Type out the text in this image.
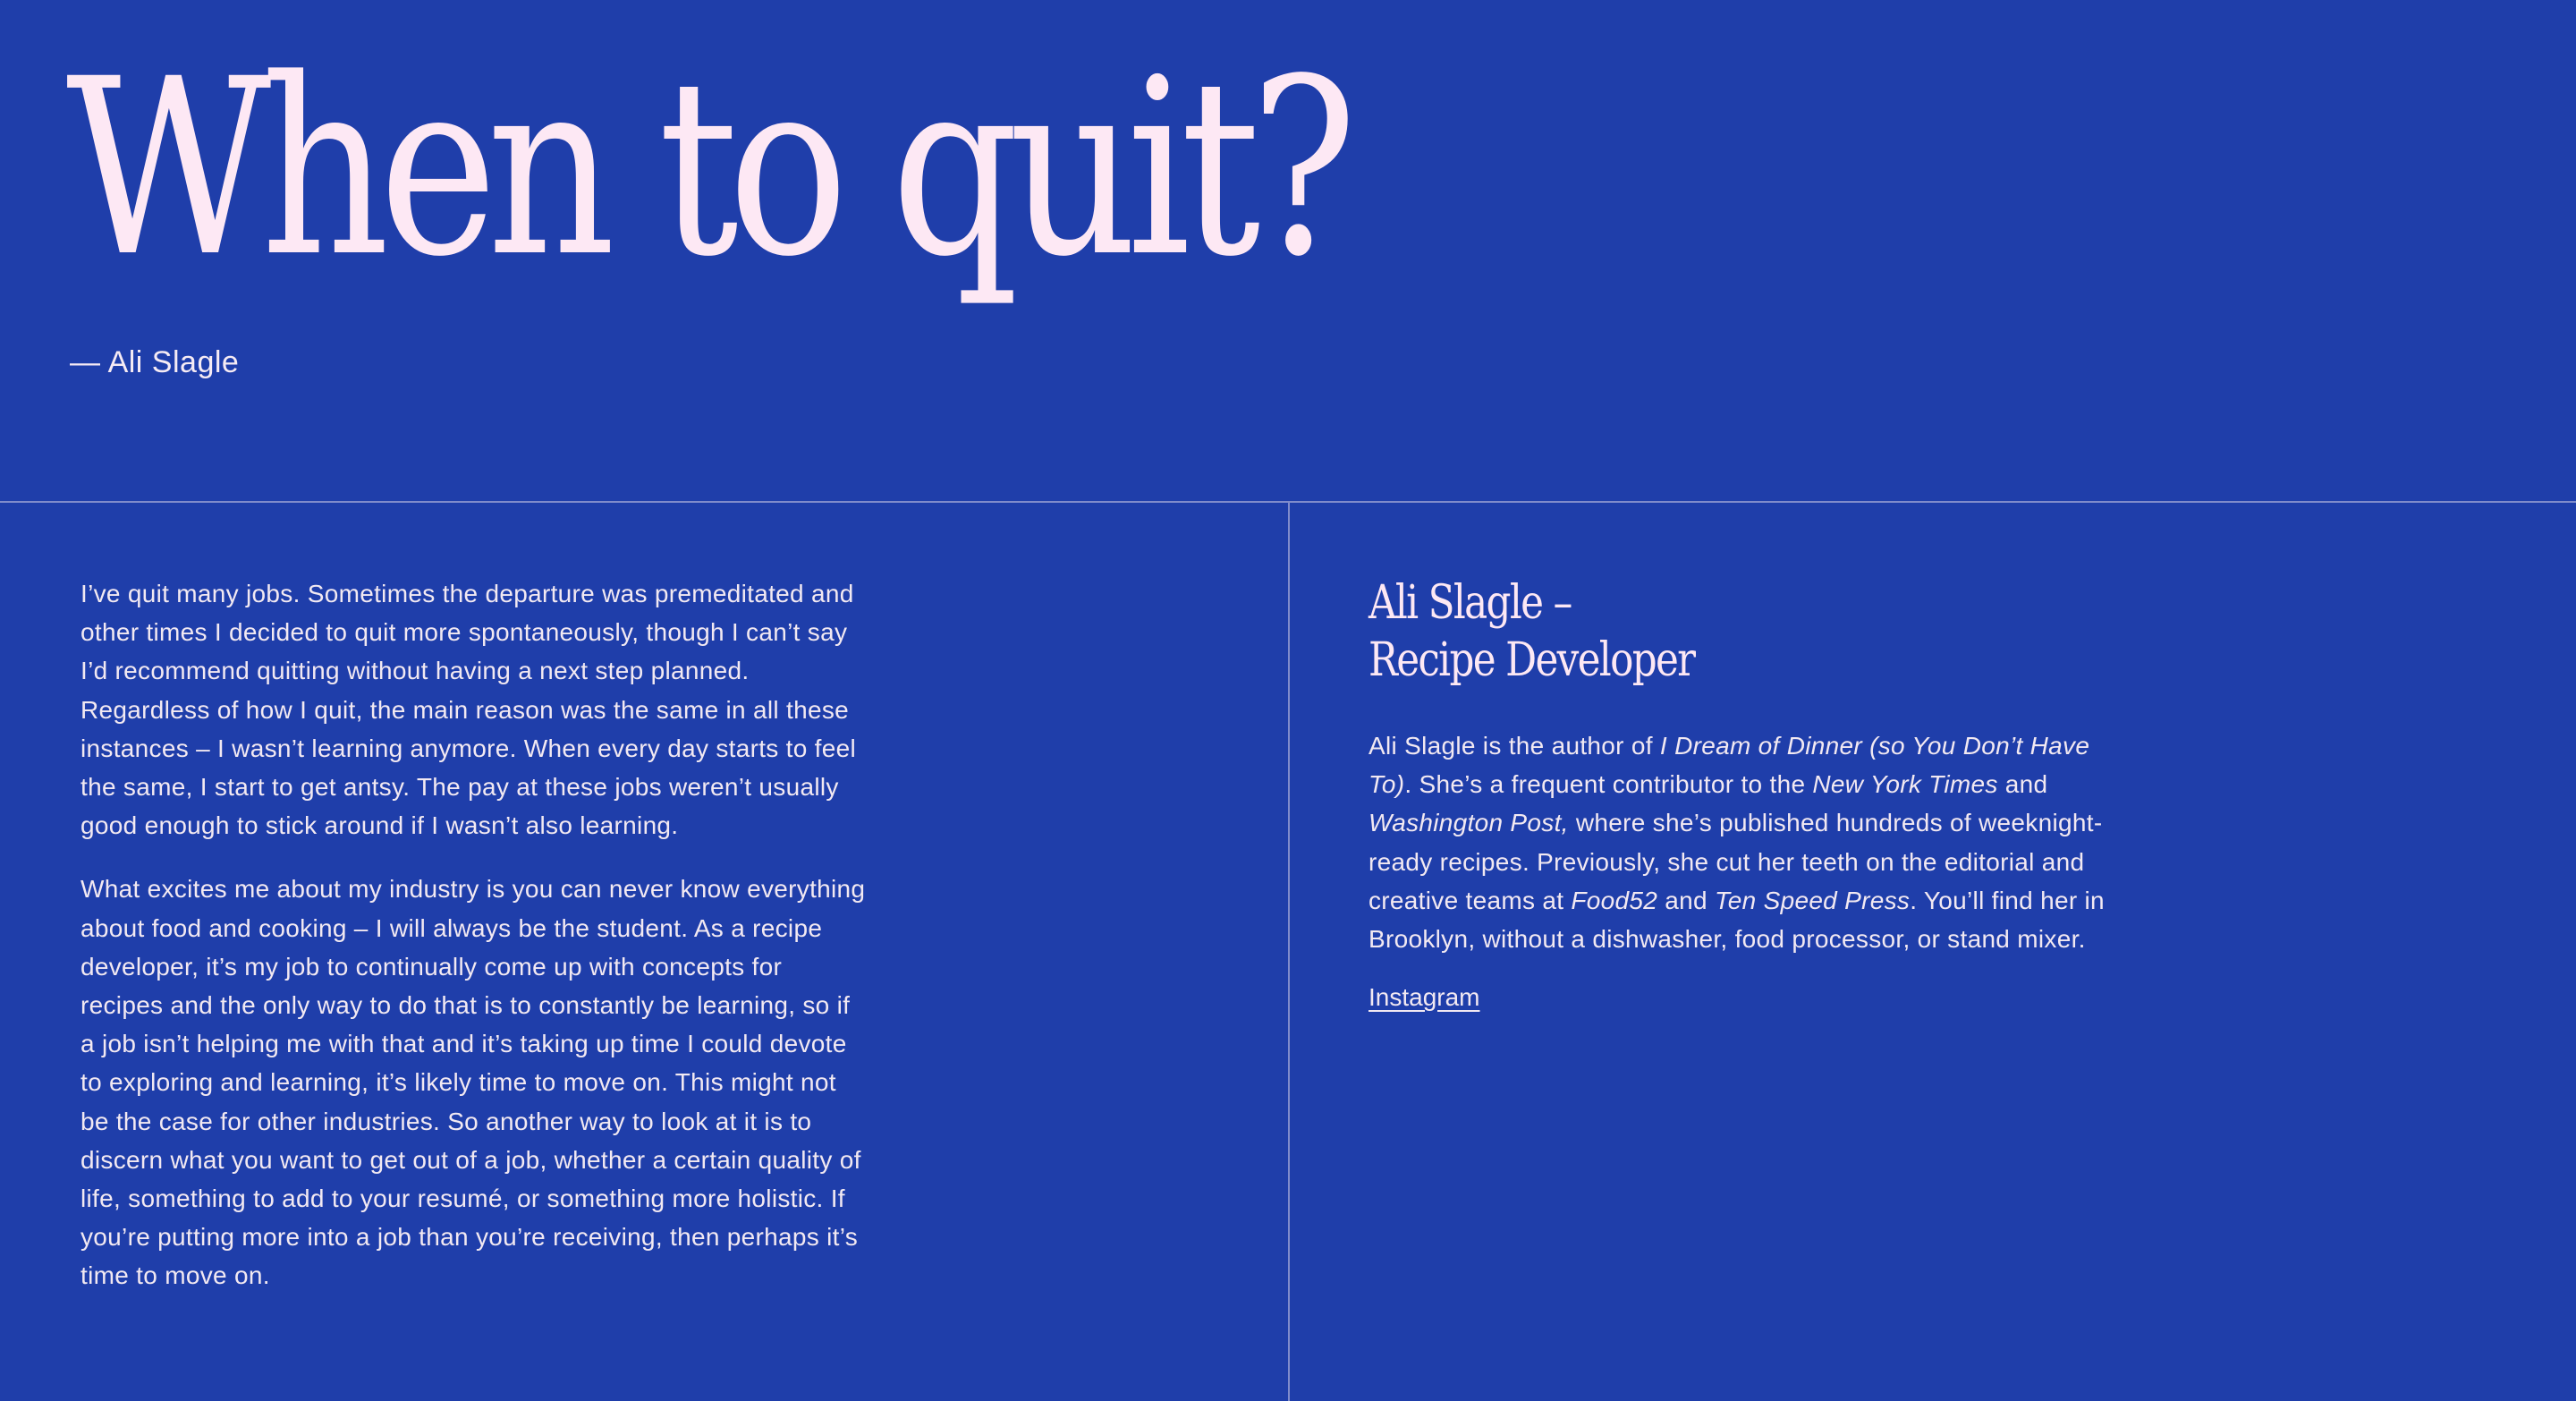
When to quit?
— Ali Slagle

I’ve quit many jobs. Sometimes the departure was premeditated and other times I decided to quit more spontaneously, though I can’t say I’d recommend quitting without having a next step planned. Regardless of how I quit, the main reason was the same in all these instances – I wasn’t learning anymore. When every day starts to feel the same, I start to get antsy. The pay at these jobs weren’t usually good enough to stick around if I wasn’t also learning.

What excites me about my industry is you can never know everything about food and cooking – I will always be the student. As a recipe developer, it’s my job to continually come up with concepts for recipes and the only way to do that is to constantly be learning, so if a job isn’t helping me with that and it’s taking up time I could devote to exploring and learning, it’s likely time to move on. This might not be the case for other industries. So another way to look at it is to discern what you want to get out of a job, whether a certain quality of life, something to add to your resumé, or something more holistic. If you’re putting more into a job than you’re receiving, then perhaps it’s time to move on.

Ali Slagle –
Recipe Developer

Ali Slagle is the author of I Dream of Dinner (so You Don’t Have To). She’s a frequent contributor to the New York Times and Washington Post, where she’s published hundreds of weeknight-ready recipes. Previously, she cut her teeth on the editorial and creative teams at Food52 and Ten Speed Press. You’ll find her in Brooklyn, without a dishwasher, food processor, or stand mixer.

Instagram
